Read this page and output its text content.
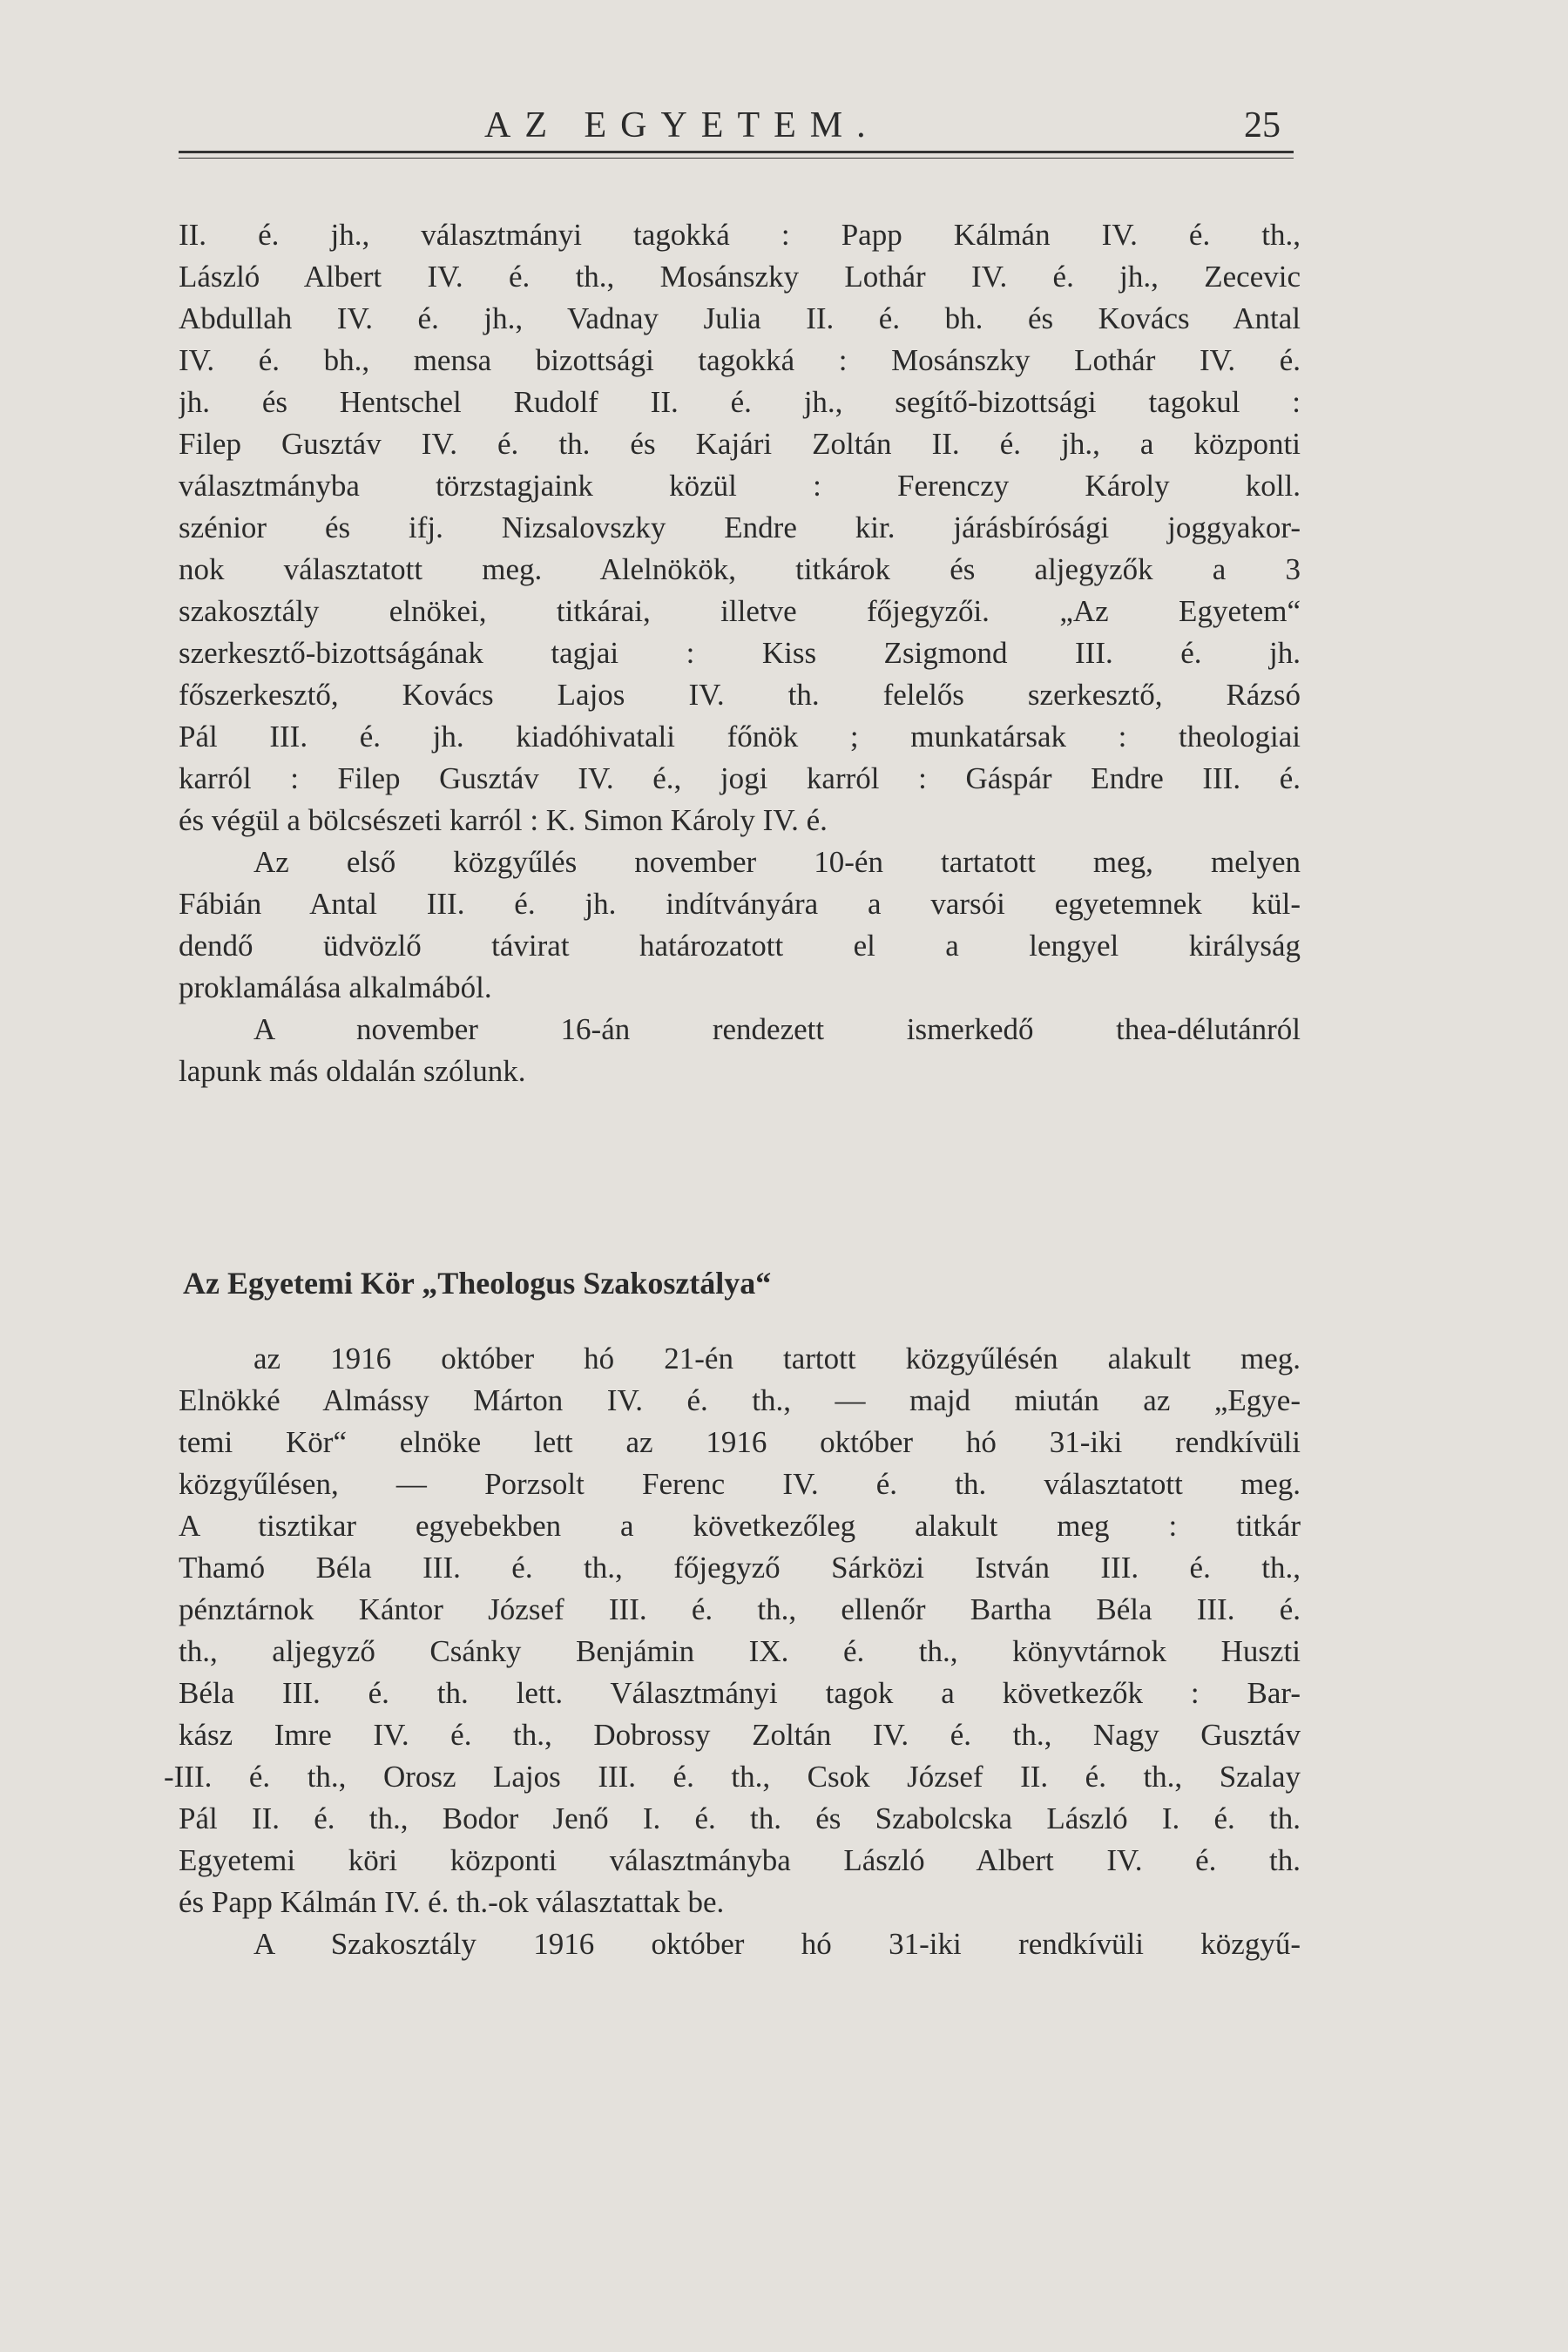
AZ EGYETEM.	25
II. é. jh., választmányi tagokká : Papp Kálmán IV. é. th.,
László Albert IV. é. th., Mosánszky Lothár IV. é. jh., Zecevic
Abdullah IV. é. jh., Vadnay Julia II. é. bh. és Kovács Antal
IV. é. bh., mensa bizottsági tagokká : Mosánszky Lothár IV. é.
jh. és Hentschel Rudolf II. é. jh., segítő-bizottsági tagokul :
Filep Gusztáv IV. é. th. és Kajári Zoltán II. é. jh., a központi
választmányba törzstagjaink közül : Ferenczy Károly koll.
szénior és ifj. Nizsalovszky Endre kir. járásbírósági joggyakor-
nok választatott meg. Alelnökök, titkárok és aljegyzők a 3
szakosztály elnökei, titkárai, illetve főjegyzői. „Az Egyetem“
szerkesztő-bizottságának tagjai : Kiss Zsigmond III. é. jh.
főszerkesztő, Kovács Lajos IV. th. felelős szerkesztő, Rázsó
Pál III. é. jh. kiadóhivatali főnök ; munkatársak : theologiai
karról : Filep Gusztáv IV. é., jogi karról : Gáspár Endre III. é.
és végül a bölcsészeti karról : K. Simon Károly IV. é.
Az első közgyűlés november 10-én tartatott meg, melyen
Fábián Antal III. é. jh. indítványára a varsói egyetemnek kül-
dendő üdvözlő távirat határozatott el a lengyel királyság
proklamálása alkalmából.
A november 16-án rendezett ismerkedő thea-délutánról
lapunk más oldalán szólunk.
Az Egyetemi Kör „Theologus Szakosztálya“
az 1916 október hó 21-én tartott közgyűlésén alakult meg.
Elnökké Almássy Márton IV. é. th., — majd miután az „Egye-
temi Kör“ elnöke lett az 1916 október hó 31-iki rendkívüli
közgyűlésen, — Porzsolt Ferenc IV. é. th. választatott meg.
A tisztikar egyebekben a következőleg alakult meg : titkár
Thamó Béla III. é. th., főjegyző Sárközi István III. é. th.,
pénztárnok Kántor József III. é. th., ellenőr Bartha Béla III. é.
th., aljegyző Csánky Benjámin IX. é. th., könyvtárnok Huszti
Béla III. é. th. lett. Választmányi tagok a következők : Bar-
kász Imre IV. é. th., Dobrossy Zoltán IV. é. th., Nagy Gusztáv
-III. é. th., Orosz Lajos III. é. th., Csok József II. é. th., Szalay
Pál II. é. th., Bodor Jenő I. é. th. és Szabolcska László I. é. th.
Egyetemi köri központi választmányba László Albert IV. é. th.
és Papp Kálmán IV. é. th.-ok választattak be.
A Szakosztály 1916 október hó 31-iki rendkívüli közgyű-
